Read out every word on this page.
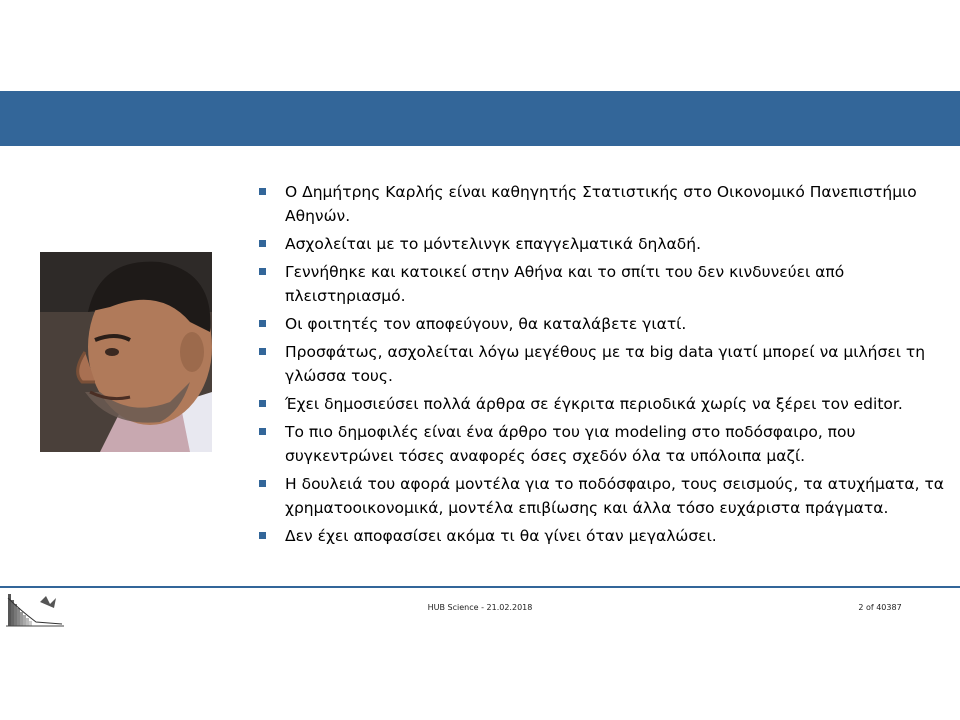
Ο Δημήτρης Καρλής είναι καθηγητής Στατιστικής στο Οικονομικό Πανεπιστήμιο Αθηνών.
Ασχολείται με το μόντελινγκ επαγγελματικά δηλαδή.
Γεννήθηκε και κατοικεί στην Αθήνα και το σπίτι του δεν κινδυνεύει από πλειστηριασμό.
Οι φοιτητές τον αποφεύγουν, θα καταλάβετε γιατί.
Προσφάτως, ασχολείται λόγω μεγέθους με τα big data γιατί μπορεί να μιλήσει τη γλώσσα τους.
Έχει δημοσιεύσει πολλά άρθρα σε έγκριτα περιοδικά χωρίς να ξέρει τον editor.
Το πιο δημοφιλές είναι ένα άρθρο του για modeling στο ποδόσφαιρο, που συγκεντρώνει τόσες αναφορές όσες σχεδόν όλα τα υπόλοιπα μαζί.
Η δουλειά του αφορά μοντέλα για το ποδόσφαιρο, τους σεισμούς, τα ατυχήματα, τα χρηματοοικονομικά, μοντέλα επιβίωσης και άλλα τόσο ευχάριστα πράγματα.
Δεν έχει αποφασίσει ακόμα τι θα γίνει όταν μεγαλώσει.
HUB Science - 21.02.2018	2 of 40387
